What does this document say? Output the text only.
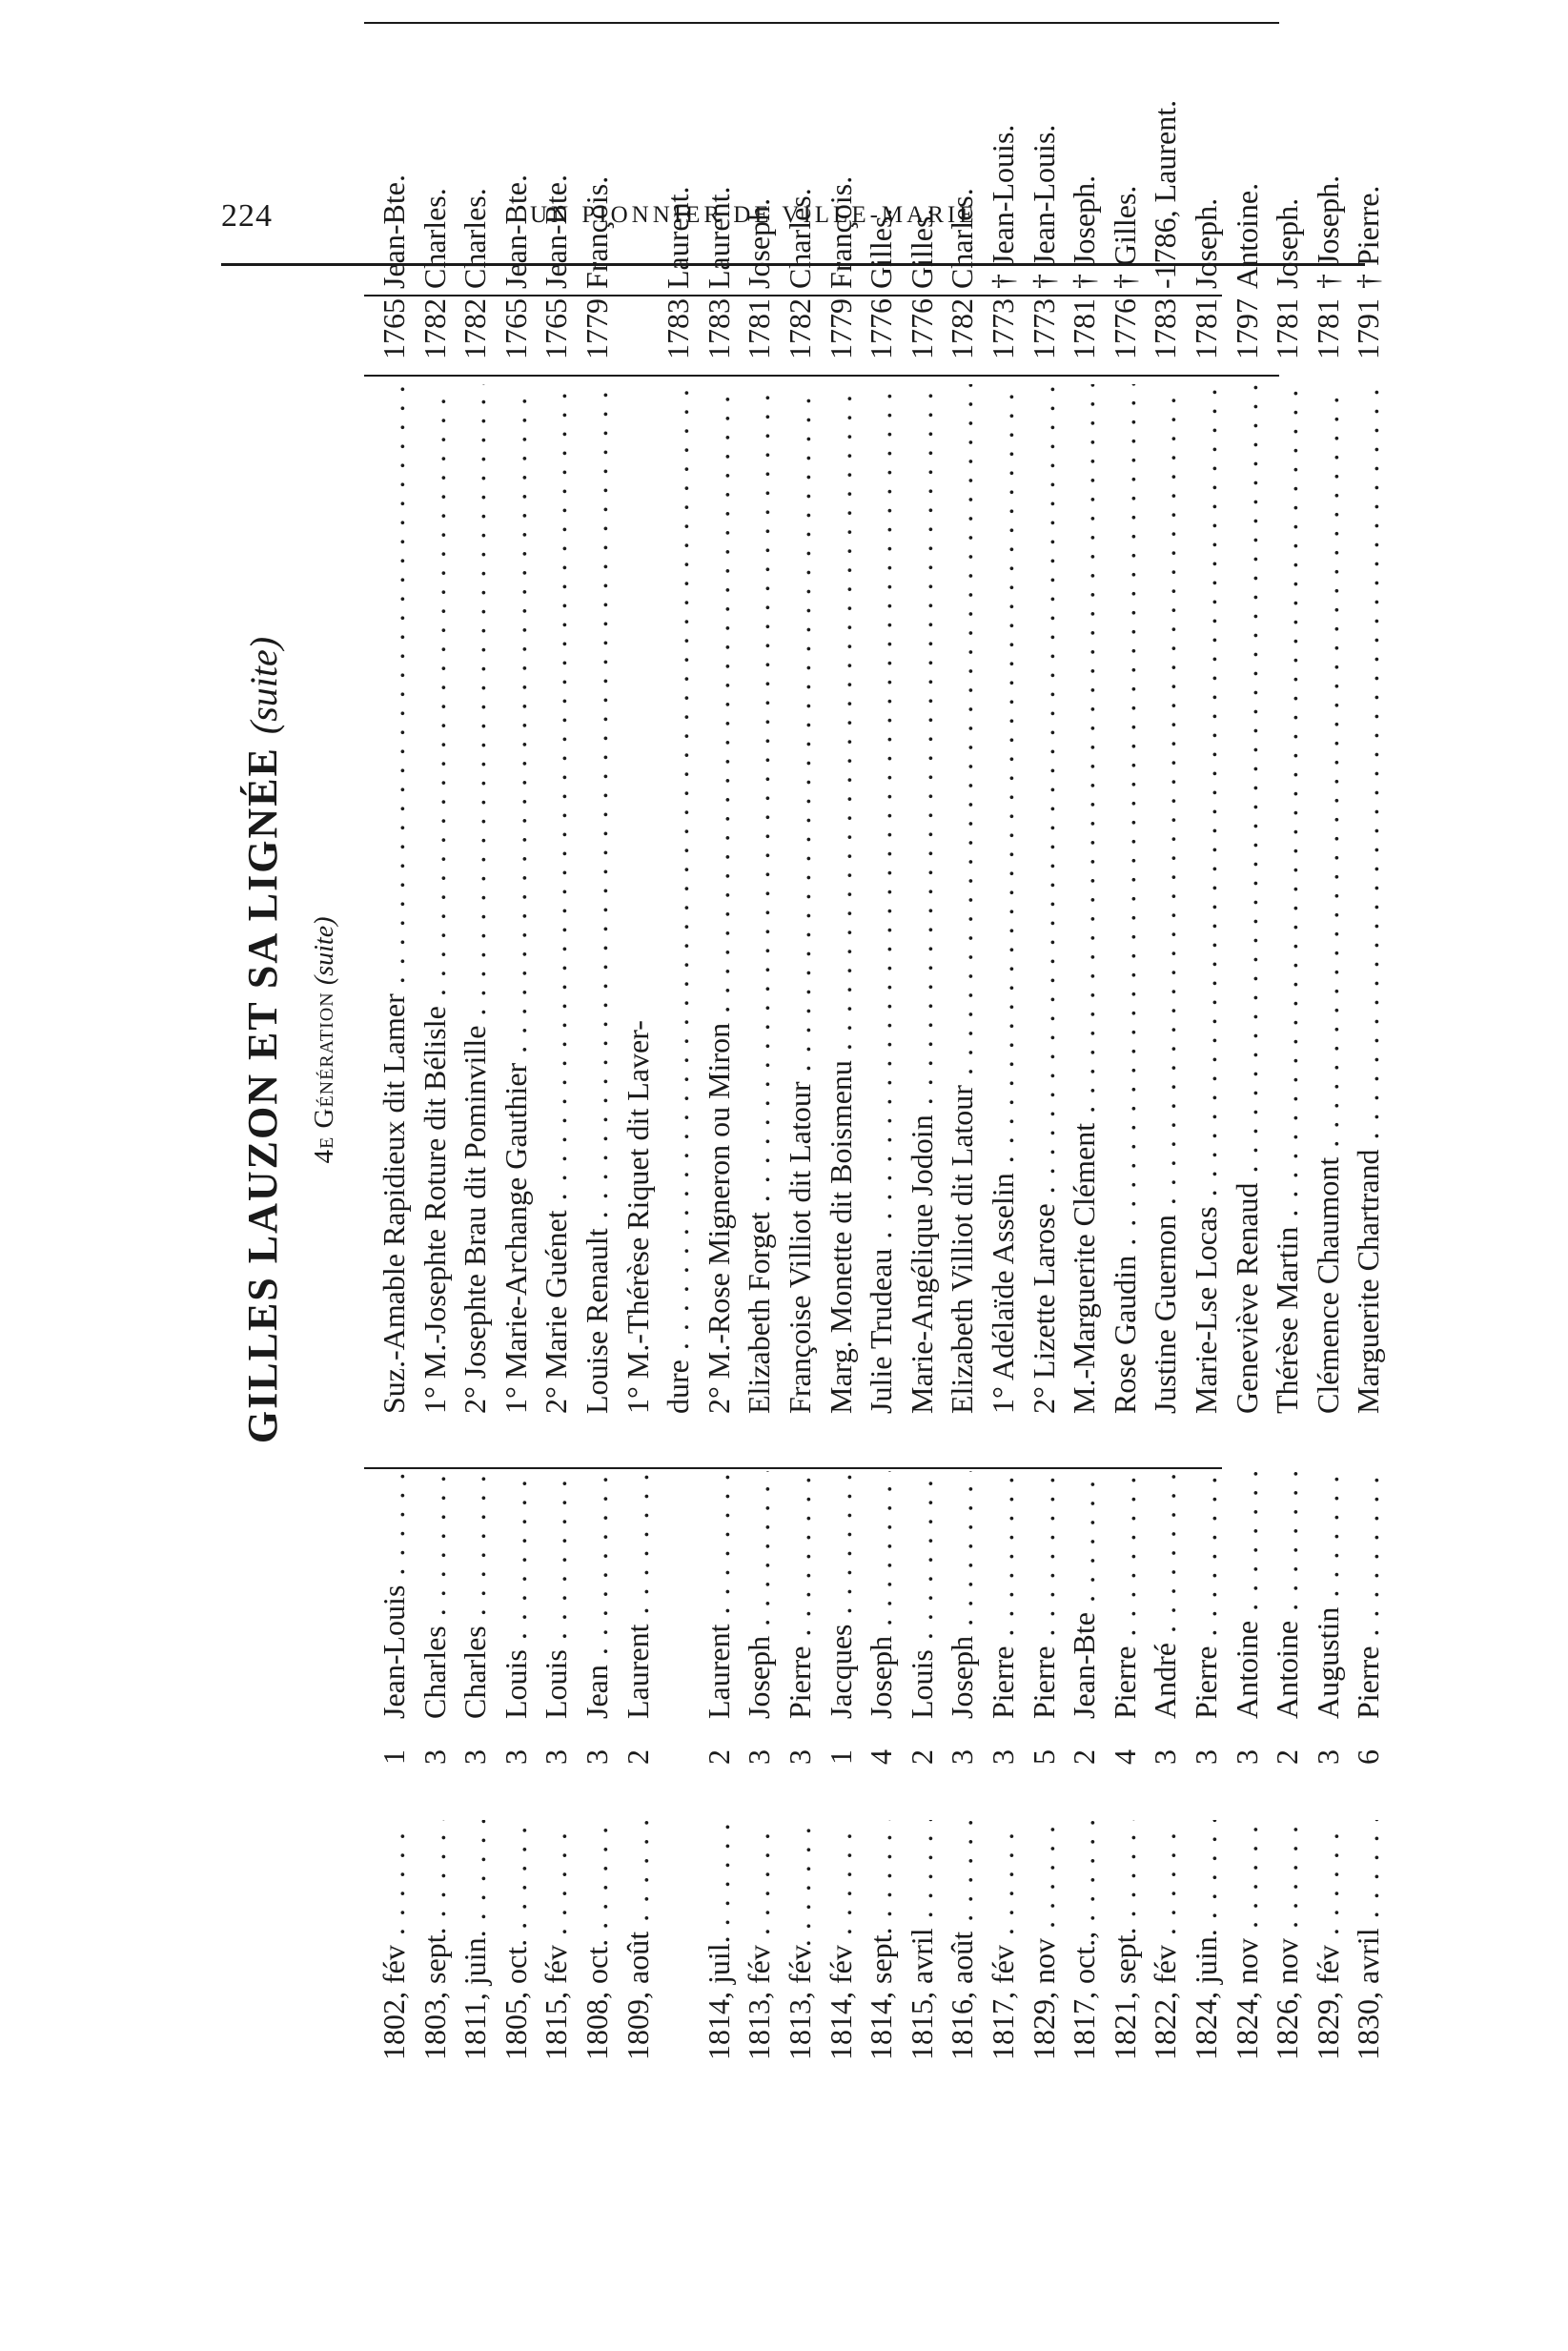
224	UN PIONNIER DE VILLE-MARIE
GILLES LAUZON ET SA LIGNÉE (suite)
4e Génération (suite)
1802, fév . . .
1
Jean-Louis . . .
Suz.-Amable Rapidieux dit Lamer . . .
1765
Jean-Bte.
1803, sept. . . .
3
Charles . . .
1° M.-Josephte Roture dit Bélisle . . .
1782
Charles.
1811, juin. . . .
3
Charles . . .
2° Josephte Brau dit Pominville . . .
1782
Charles.
1805, oct. . . .
3
Louis . . .
1° Marie-Archange Gauthier . . .
1765
Jean-Bte.
1815, fév . . .
3
Louis . . .
2° Marie Guénet . . .
1765
Jean-Bte.
1808, oct. . . .
3
Jean . . .
Louise Renault . . .
1779
François.
1809, août . . .
2
Laurent . . .
1° M.-Thérèse Riquet dit Laver- dure . . .
1783
Laurent.
1814, juil. . . .
2
Laurent . . .
2° M.-Rose Migneron ou Miron . . .
1783
Laurent.
1813, fév . . .
3
Joseph . . .
Elizabeth Forget . . .
1781
Joseph.
1813, fév. . . .
3
Pierre . . .
Françoise Villiot dit Latour . . .
1782
Charles.
1814, fév . . .
1
Jacques . . .
Marg. Monette dit Boismenu . . .
1779
François.
1814, sept. . . .
4
Joseph . . .
Julie Trudeau . . .
1776
Gilles.
1815, avril . . .
2
Louis . . .
Marie-Angélique Jodoin . . .
1776
Gilles.
1816, août . . .
3
Joseph . . .
Elizabeth Villiot dit Latour . . .
1782
Charles.
1817, fév . . .
3
Pierre . . .
1° Adélaïde Asselin . . .
1773
† Jean-Louis.
1829, nov . . .
5
Pierre . . .
2° Lizette Larose . . .
1773
† Jean-Louis.
1817, oct., . . .
2
Jean-Bte . . .
M.-Marguerite Clément . . .
1781
† Joseph.
1821, sept. . . .
4
Pierre . . .
Rose Gaudin . . .
1776
† Gilles.
1822, fév . . .
3
André . . .
Justine Guernon . . .
1783
-1786, Laurent.
1824, juin. . . .
3
Pierre . . .
Marie-Lse Locas . . .
1781
Joseph.
1824, nov . . .
3
Antoine . . .
Geneviève Renaud . . .
1797
Antoine.
1826, nov . . .
2
Antoine . . .
Thérèse Martin . . .
1781
Joseph.
1829, fév . . .
3
Augustin . . .
Clémence Chaumont . . .
1781
† Joseph.
1830, avril . . .
6
Pierre . . .
Marguerite Chartrand . . .
1791
† Pierre.
